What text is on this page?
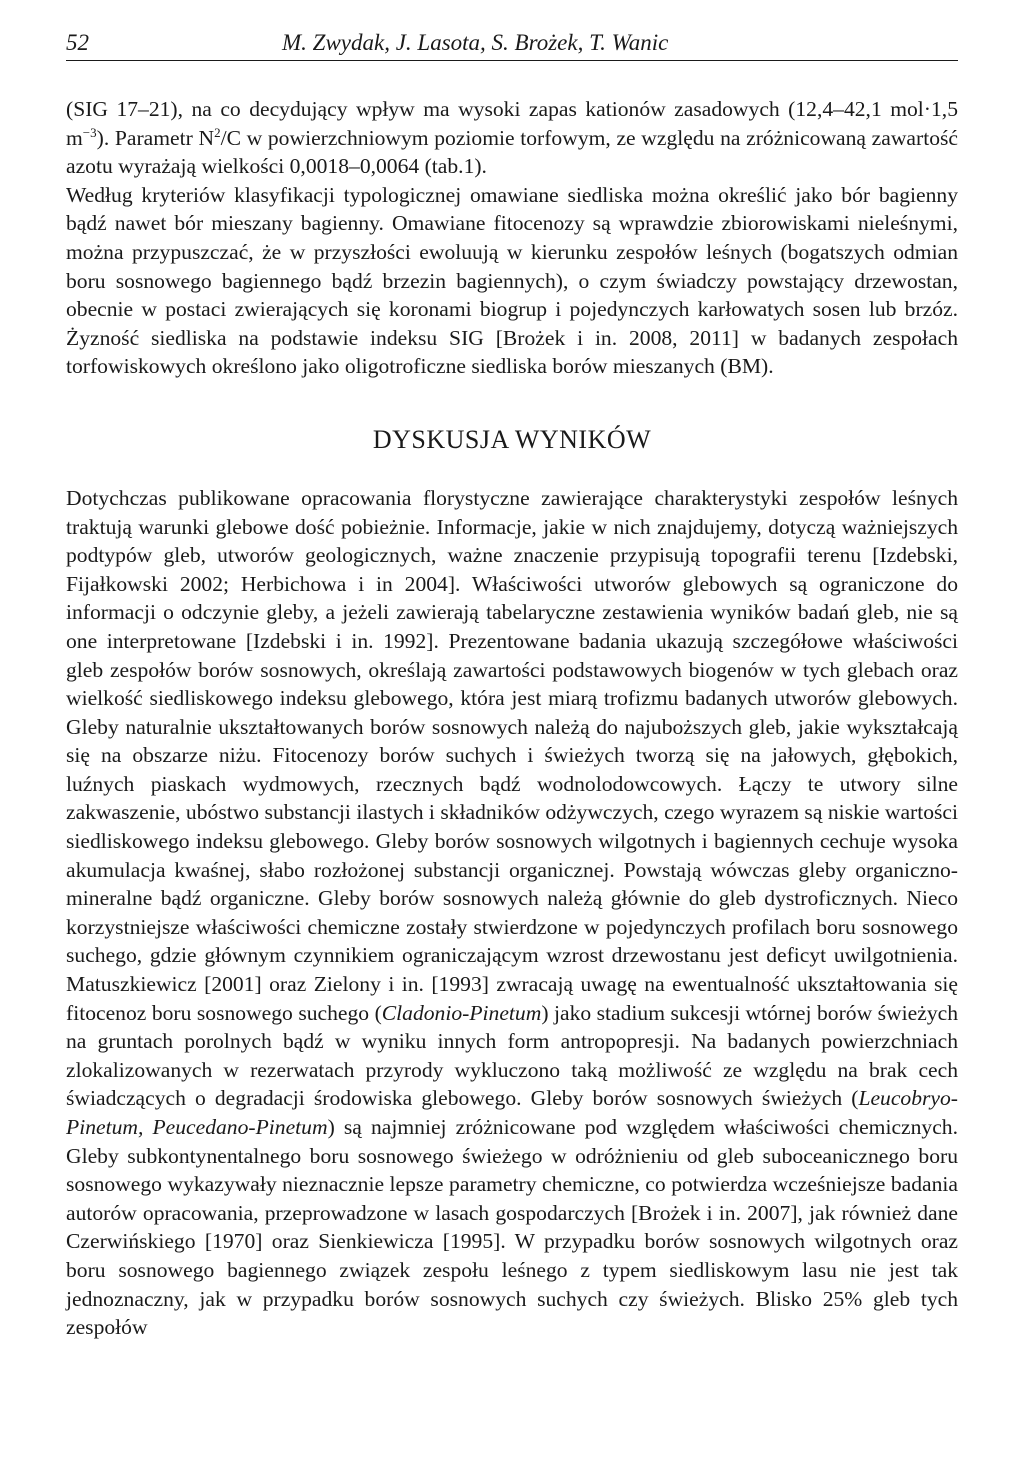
52	M. Zwydak, J. Lasota, S. Brożek, T. Wanic

(SIG 17–21), na co decydujący wpływ ma wysoki zapas kationów zasadowych (12,4–42,1 mol·1,5 $m^{-3}$). Parametr $N^2/C$ w powierzchniowym poziomie torfowym, ze względu na zróżnicowaną zawartość azotu wyrażają wielkości 0,0018–0,0064 (tab.1).

Według kryteriów klasyfikacji typologicznej omawiane siedliska można określić jako bór bagienny bądź nawet bór mieszany bagienny. Omawiane fitocenozy są wprawdzie zbiorowiskami nieleśnymi, można przypuszczać, że w przyszłości ewoluują w kierunku zespołów leśnych (bogatszych odmian boru sosnowego bagiennego bądź brzezin bagiennych), o czym świadczy powstający drzewostan, obecnie w postaci zwierających się koronami biogrup i pojedynczych karłowatych sosen lub brzóz. Żyzność siedliska na podstawie indeksu SIG [Brożek i in. 2008, 2011] w badanych zespołach torfowiskowych określono jako oligotroficzne siedliska borów mieszanych (BM).

DYSKUSJA WYNIKÓW

Dotychczas publikowane opracowania florystyczne zawierające charakterystyki zespołów leśnych traktują warunki glebowe dość pobieżnie. Informacje, jakie w nich znajdujemy, dotyczą ważniejszych podtypów gleb, utworów geologicznych, ważne znaczenie przypisują topografii terenu [Izdebski, Fijałkowski 2002; Herbichowa i in 2004]. Właściwości utworów glebowych są ograniczone do informacji o odczynie gleby, a jeżeli zawierają tabelaryczne zestawienia wyników badań gleb, nie są one interpretowane [Izdebski i in. 1992]. Prezentowane badania ukazują szczegółowe właściwości gleb zespołów borów sosnowych, określają zawartości podstawowych biogenów w tych glebach oraz wielkość siedliskowego indeksu glebowego, która jest miarą trofizmu badanych utworów glebowych. Gleby naturalnie ukształtowanych borów sosnowych należą do najuboższych gleb, jakie wykształcają się na obszarze niżu. Fitocenozy borów suchych i świeżych tworzą się na jałowych, głębokich, luźnych piaskach wydmowych, rzecznych bądź wodnolodowcowych. Łączy te utwory silne zakwaszenie, ubóstwo substancji ilastych i składników odżywczych, czego wyrazem są niskie wartości siedliskowego indeksu glebowego. Gleby borów sosnowych wilgotnych i bagiennych cechuje wysoka akumulacja kwaśnej, słabo rozłożonej substancji organicznej. Powstają wówczas gleby organiczno-mineralne bądź organiczne. Gleby borów sosnowych należą głównie do gleb dystroficznych. Nieco korzystniejsze właściwości chemiczne zostały stwierdzone w pojedynczych profilach boru sosnowego suchego, gdzie głównym czynnikiem ograniczającym wzrost drzewostanu jest deficyt uwilgotnienia. Matuszkiewicz [2001] oraz Zielony i in. [1993] zwracają uwagę na ewentualność ukształtowania się fitocenoz boru sosnowego suchego (Cladonio-Pinetum) jako stadium sukcesji wtórnej borów świeżych na gruntach porolnych bądź w wyniku innych form antropopresji. Na badanych powierzchniach zlokalizowanych w rezerwatach przyrody wykluczono taką możliwość ze względu na brak cech świadczących o degradacji środowiska glebowego. Gleby borów sosnowych świeżych (Leucobryo-Pinetum, Peucedano-Pinetum) są najmniej zróżnicowane pod względem właściwości chemicznych. Gleby subkontynentalnego boru sosnowego świeżego w odróżnieniu od gleb suboceanicznego boru sosnowego wykazywały nieznacznie lepsze parametry chemiczne, co potwierdza wcześniejsze badania autorów opracowania, przeprowadzone w lasach gospodarczych [Brożek i in. 2007], jak również dane Czerwińskiego [1970] oraz Sienkiewicza [1995]. W przypadku borów sosnowych wilgotnych oraz boru sosnowego bagiennego związek zespołu leśnego z typem siedliskowym lasu nie jest tak jednoznaczny, jak w przypadku borów sosnowych suchych czy świeżych. Blisko 25% gleb tych zespołów
